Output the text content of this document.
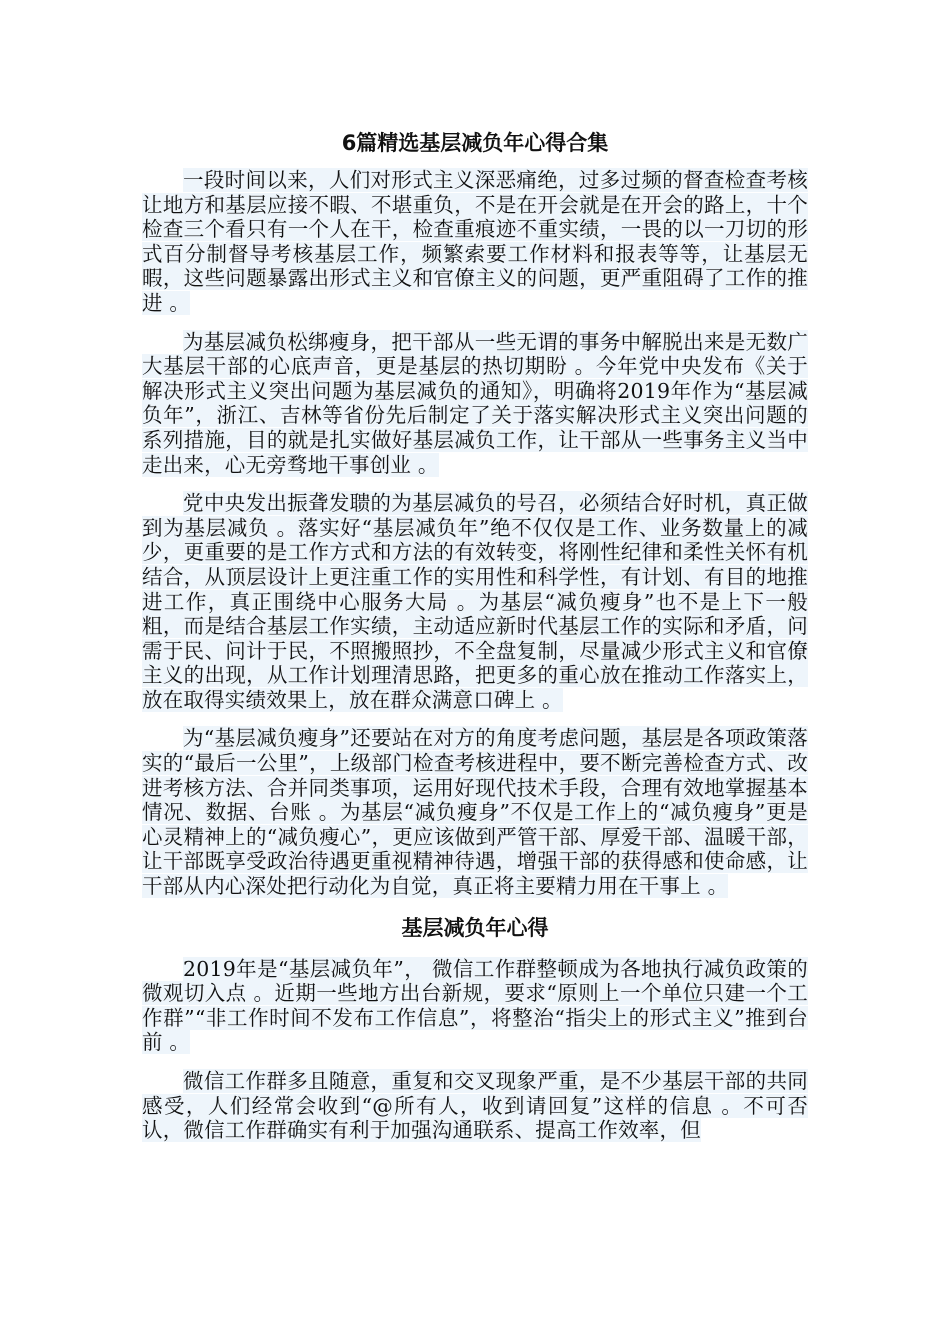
6篇精选基层减负年心得合集

一段时间以来，人们对形式主义深恶痛绝，过多过频的督查检查考核让地方和基层应接不暇、不堪重负，不是在开会就是在开会的路上，十个检查三个看只有一个人在干，检查重痕迹不重实绩，一畏的以一刀切的形式百分制督导考核基层工作，频繁索要工作材料和报表等等，让基层无暇，这些问题暴露出形式主义和官僚主义的问题，更严重阻碍了工作的推进 。

为基层减负松绑瘦身，把干部从一些无谓的事务中解脱出来是无数广大基层干部的心底声音，更是基层的热切期盼 。今年党中央发布《关于解决形式主义突出问题为基层减负的通知》，明确将2019年作为“基层减负年”，浙江、吉林等省份先后制定了关于落实解决形式主义突出问题的系列措施，目的就是扎实做好基层减负工作，让干部从一些事务主义当中走出来，心无旁骛地干事创业 。

党中央发出振聋发聩的为基层减负的号召，必须结合好时机，真正做到为基层减负 。落实好“基层减负年”绝不仅仅是工作、业务数量上的减少，更重要的是工作方式和方法的有效转变，将刚性纪律和柔性关怀有机结合，从顶层设计上更注重工作的实用性和科学性，有计划、有目的地推进工作，真正围绕中心服务大局 。为基层“减负瘦身”也不是上下一般粗，而是结合基层工作实绩，主动适应新时代基层工作的实际和矛盾，问需于民、问计于民，不照搬照抄，不全盘复制，尽量减少形式主义和官僚主义的出现，从工作计划理清思路，把更多的重心放在推动工作落实上，放在取得实绩效果上，放在群众满意口碑上 。

为“基层减负瘦身”还要站在对方的角度考虑问题，基层是各项政策落实的“最后一公里”，上级部门检查考核进程中，要不断完善检查方式、改进考核方法、合并同类事项，运用好现代技术手段，合理有效地掌握基本情况、数据、台账 。为基层“减负瘦身”不仅是工作上的“减负瘦身”更是心灵精神上的“减负瘦心”，更应该做到严管干部、厚爱干部、温暖干部，让干部既享受政治待遇更重视精神待遇，增强干部的获得感和使命感，让干部从内心深处把行动化为自觉，真正将主要精力用在干事上 。

基层减负年心得

2019年是“基层减负年”， 微信工作群整顿成为各地执行减负政策的微观切入点 。近期一些地方出台新规，要求“原则上一个单位只建一个工作群”“非工作时间不发布工作信息”，将整治“指尖上的形式主义”推到台前 。

微信工作群多且随意，重复和交叉现象严重，是不少基层干部的共同感受，人们经常会收到“@所有人，收到请回复”这样的信息 。不可否认，微信工作群确实有利于加强沟通联系、提高工作效率，但
